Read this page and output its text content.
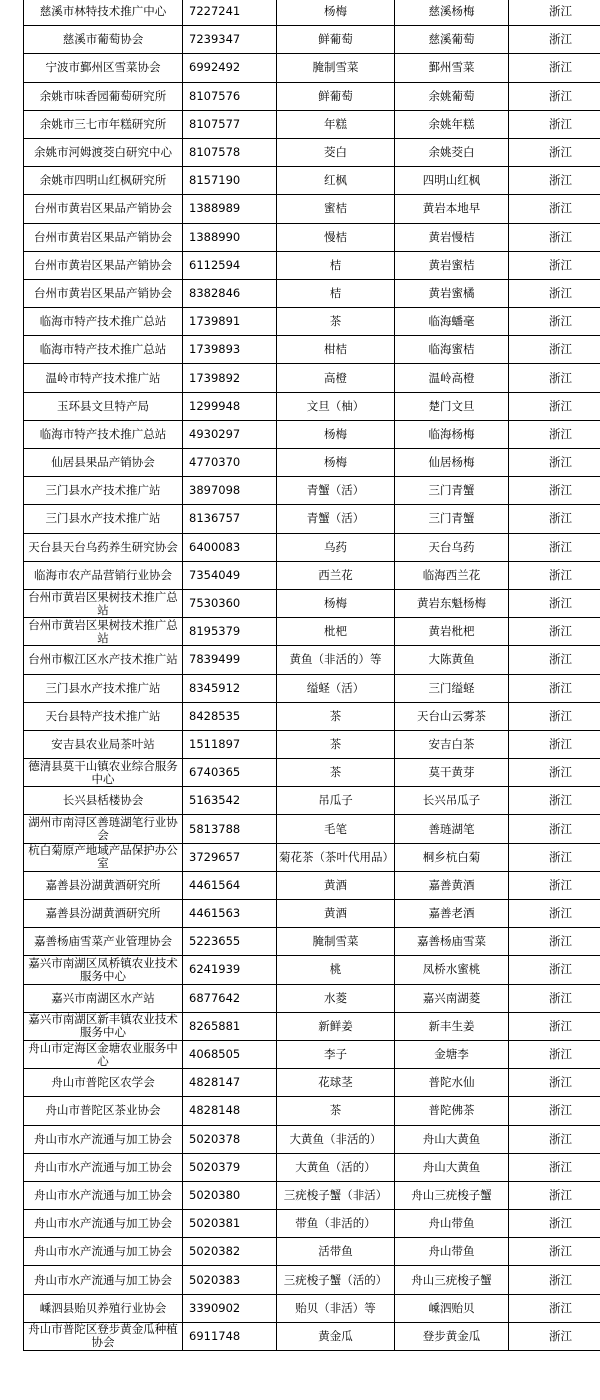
慈溪市林特技术推广中心	7227241	杨梅	慈溪杨梅	浙江
慈溪市葡萄协会	7239347	鲜葡萄	慈溪葡萄	浙江
宁波市鄞州区雪菜协会	6992492	腌制雪菜	鄞州雪菜	浙江
余姚市味香园葡萄研究所	8107576	鲜葡萄	余姚葡萄	浙江
余姚市三七市年糕研究所	8107577	年糕	余姚年糕	浙江
余姚市河姆渡茭白研究中心	8107578	茭白	余姚茭白	浙江
余姚市四明山红枫研究所	8157190	红枫	四明山红枫	浙江
台州市黄岩区果品产销协会	1388989	蜜桔	黄岩本地早	浙江
台州市黄岩区果品产销协会	1388990	慢桔	黄岩慢桔	浙江
台州市黄岩区果品产销协会	6112594	桔	黄岩蜜桔	浙江
台州市黄岩区果品产销协会	8382846	桔	黄岩蜜橘	浙江
临海市特产技术推广总站	1739891	茶	临海蟠毫	浙江
临海市特产技术推广总站	1739893	柑桔	临海蜜桔	浙江
温岭市特产技术推广站	1739892	高橙	温岭高橙	浙江
玉环县文旦特产局	1299948	文旦（柚）	楚门文旦	浙江
临海市特产技术推广总站	4930297	杨梅	临海杨梅	浙江
仙居县果品产销协会	4770370	杨梅	仙居杨梅	浙江
三门县水产技术推广站	3897098	青蟹（活）	三门青蟹	浙江
三门县水产技术推广站	8136757	青蟹（活）	三门青蟹	浙江
天台县天台乌药养生研究协会	6400083	乌药	天台乌药	浙江
临海市农产品营销行业协会	7354049	西兰花	临海西兰花	浙江
台州市黄岩区果树技术推广总站	7530360	杨梅	黄岩东魁杨梅	浙江
台州市黄岩区果树技术推广总站	8195379	枇杷	黄岩枇杷	浙江
台州市椒江区水产技术推广站	7839499	黄鱼（非活的）等	大陈黄鱼	浙江
三门县水产技术推广站	8345912	缢蛏（活）	三门缢蛏	浙江
天台县特产技术推广站	8428535	茶	天台山云雾茶	浙江
安吉县农业局茶叶站	1511897	茶	安吉白茶	浙江
德清县莫干山镇农业综合服务中心	6740365	茶	莫干黄芽	浙江
长兴县栝楼协会	5163542	吊瓜子	长兴吊瓜子	浙江
湖州市南浔区善琏湖笔行业协会	5813788	毛笔	善琏湖笔	浙江
杭白菊原产地域产品保护办公室	3729657	菊花茶（茶叶代用品）	桐乡杭白菊	浙江
嘉善县汾湖黄酒研究所	4461564	黄酒	嘉善黄酒	浙江
嘉善县汾湖黄酒研究所	4461563	黄酒	嘉善老酒	浙江
嘉善杨庙雪菜产业管理协会	5223655	腌制雪菜	嘉善杨庙雪菜	浙江
嘉兴市南湖区凤桥镇农业技术服务中心	6241939	桃	凤桥水蜜桃	浙江
嘉兴市南湖区水产站	6877642	水菱	嘉兴南湖菱	浙江
嘉兴市南湖区新丰镇农业技术服务中心	8265881	新鲜姜	新丰生姜	浙江
舟山市定海区金塘农业服务中心	4068505	李子	金塘李	浙江
舟山市普陀区农学会	4828147	花球茎	普陀水仙	浙江
舟山市普陀区茶业协会	4828148	茶	普陀佛茶	浙江
舟山市水产流通与加工协会	5020378	大黄鱼（非活的）	舟山大黄鱼	浙江
舟山市水产流通与加工协会	5020379	大黄鱼（活的）	舟山大黄鱼	浙江
舟山市水产流通与加工协会	5020380	三疣梭子蟹（非活）	舟山三疣梭子蟹	浙江
舟山市水产流通与加工协会	5020381	带鱼（非活的）	舟山带鱼	浙江
舟山市水产流通与加工协会	5020382	活带鱼	舟山带鱼	浙江
舟山市水产流通与加工协会	5020383	三疣梭子蟹（活的）	舟山三疣梭子蟹	浙江
嵊泗县贻贝养殖行业协会	3390902	贻贝（非活）等	嵊泗贻贝	浙江
舟山市普陀区登步黄金瓜种植协会	6911748	黄金瓜	登步黄金瓜	浙江
